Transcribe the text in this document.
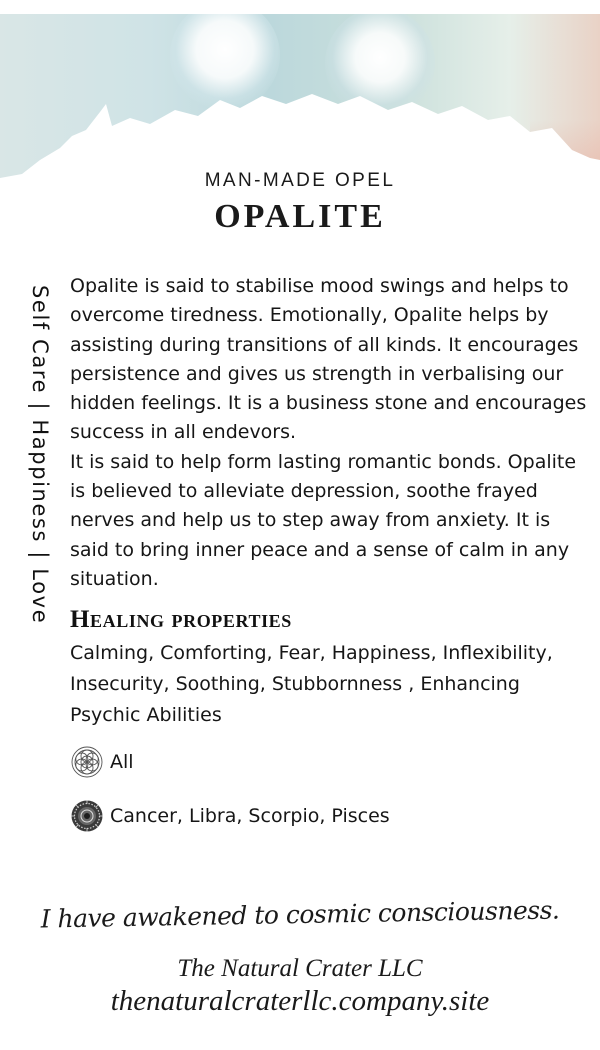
MAN-MADE OPEL
OPALITE
Self Care | Happiness | Love Opalite is said to stabilise mood swings and helps to overcome tiredness. Emotionally, Opalite helps by assisting during transitions of all kinds. It encourages persistence and gives us strength in verbalising our hidden feelings. It is a business stone and encourages success in all endevors.

It is said to help form lasting romantic bonds. Opalite is believed to alleviate depression, soothe frayed nerves and help us to step away from anxiety. It is said to bring inner peace and a sense of calm in any situation.

Healing properties
Calming, Comforting, Fear, Happiness, Inflexibility, Insecurity, Soothing, Stubbornness , Enhancing Psychic Abilities
All
Cancer, Libra, Scorpio, Pisces
I have awakened to cosmic consciousness.
The Natural Crater LLC
thenaturalcraterllc.company.site
